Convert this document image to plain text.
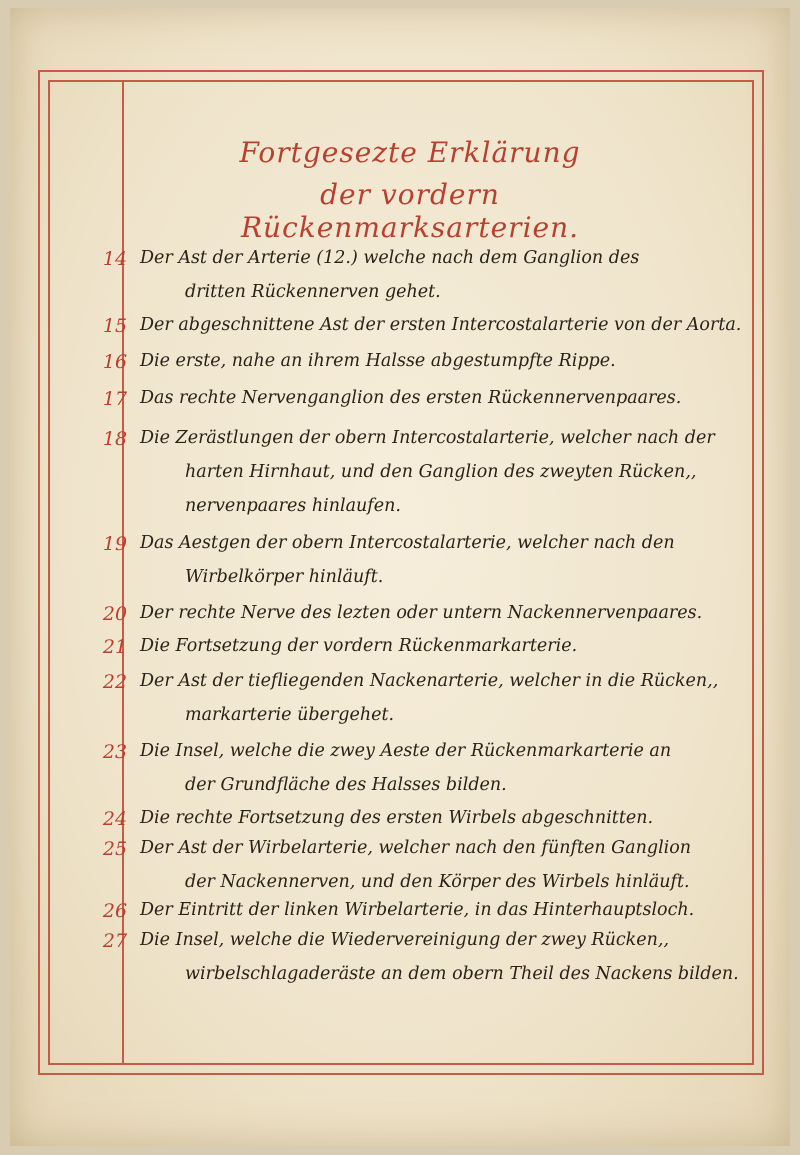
Fortgesezte Erklärung
der vordern Rückenmarksarterien.
14 Der Ast der Arterie (12.) welche nach dem Ganglion des
dritten Rückennerven gehet.
15 Der abgeschnittene Ast der ersten Intercostalarterie von der Aorta.
16 Die erste, nahe an ihrem Halsse abgestumpfte Rippe.
17 Das rechte Nervenganglion des ersten Rückennervenpaares.
18 Die Zerästlungen der obern Intercostalarterie, welcher nach der
harten Hirnhaut, und den Ganglion des zweyten Rücken,,
nervenpaares hinlaufen.
19 Das Aestgen der obern Intercostalarterie, welcher nach den
Wirbelkörper hinläuft.
20 Der rechte Nerve des lezten oder untern Nackennervenpaares.
21 Die Fortsetzung der vordern Rückenmarkarterie.
22 Der Ast der tiefliegenden Nackenarterie, welcher in die Rücken,,
markarterie übergehet.
23 Die Insel, welche die zwey Aeste der Rückenmarkarterie an
der Grundfläche des Halsses bilden.
24 Die rechte Fortsetzung des ersten Wirbels abgeschnitten.
25 Der Ast der Wirbelarterie, welcher nach den fünften Ganglion
der Nackennerven, und den Körper des Wirbels hinläuft.
26 Der Eintritt der linken Wirbelarterie, in das Hinterhauptsloch.
27 Die Insel, welche die Wiedervereinigung der zwey Rücken,,
wirbelschlagaderäste an dem obern Theil des Nackens bilden.
